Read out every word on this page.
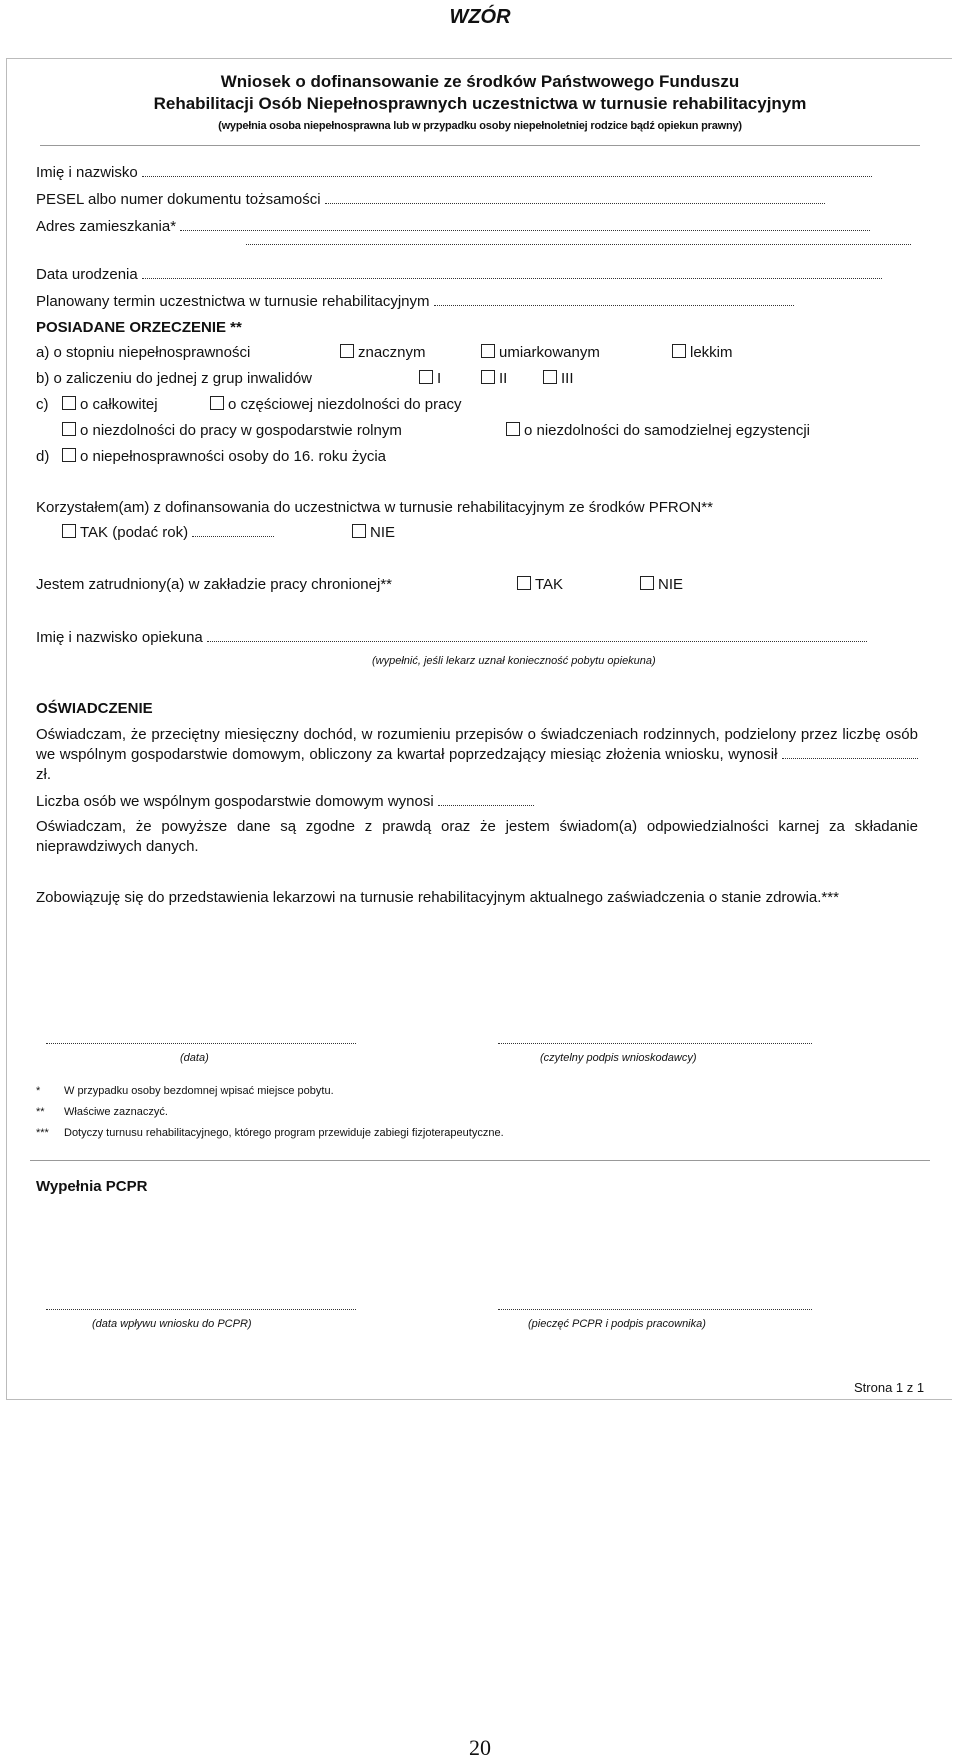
WZÓR
Wniosek o dofinansowanie ze środków Państwowego Funduszu
Rehabilitacji Osób Niepełnosprawnych uczestnictwa w turnusie rehabilitacyjnym
(wypełnia osoba niepełnosprawna lub w przypadku osoby niepełnoletniej rodzice bądź opiekun prawny)
Imię i nazwisko
PESEL albo numer dokumentu tożsamości
Adres zamieszkania*
Data urodzenia
Planowany termin uczestnictwa w turnusie rehabilitacyjnym
POSIADANE ORZECZENIE **
a) o stopniu niepełnosprawności	znacznym	umiarkowanym	lekkim
b) o zaliczeniu do jednej z grup inwalidów	I	II	III
c)	o całkowitej	o częściowej niezdolności do pracy
o niezdolności do pracy w gospodarstwie rolnym	o niezdolności do samodzielnej egzystencji
d)	o niepełnosprawności osoby do 16. roku życia
Korzystałem(am) z dofinansowania do uczestnictwa w turnusie rehabilitacyjnym ze środków PFRON**
TAK (podać rok)	NIE
Jestem zatrudniony(a) w zakładzie pracy chronionej**	TAK	NIE
Imię i nazwisko opiekuna
(wypełnić, jeśli lekarz uznał konieczność pobytu opiekuna)
OŚWIADCZENIE
Oświadczam, że przeciętny miesięczny dochód, w rozumieniu przepisów o świadczeniach rodzinnych, podzielony przez liczbę osób we wspólnym gospodarstwie domowym, obliczony za kwartał poprzedzający miesiąc złożenia wniosku, wynosił  zł.
Liczba osób we wspólnym gospodarstwie domowym wynosi
Oświadczam, że powyższe dane są zgodne z prawdą oraz że jestem świadom(a) odpowiedzialności karnej za składanie nieprawdziwych danych.
Zobowiązuję się do przedstawienia lekarzowi na turnusie rehabilitacyjnym aktualnego zaświadczenia o stanie zdrowia.***
(data)	(czytelny podpis wnioskodawcy)
* W przypadku osoby bezdomnej wpisać miejsce pobytu.
** Właściwe zaznaczyć.
*** Dotyczy turnusu rehabilitacyjnego, którego program przewiduje zabiegi fizjoterapeutyczne.
Wypełnia PCPR
(data wpływu wniosku do PCPR)	(pieczęć PCPR i podpis pracownika)
Strona 1 z 1
20
